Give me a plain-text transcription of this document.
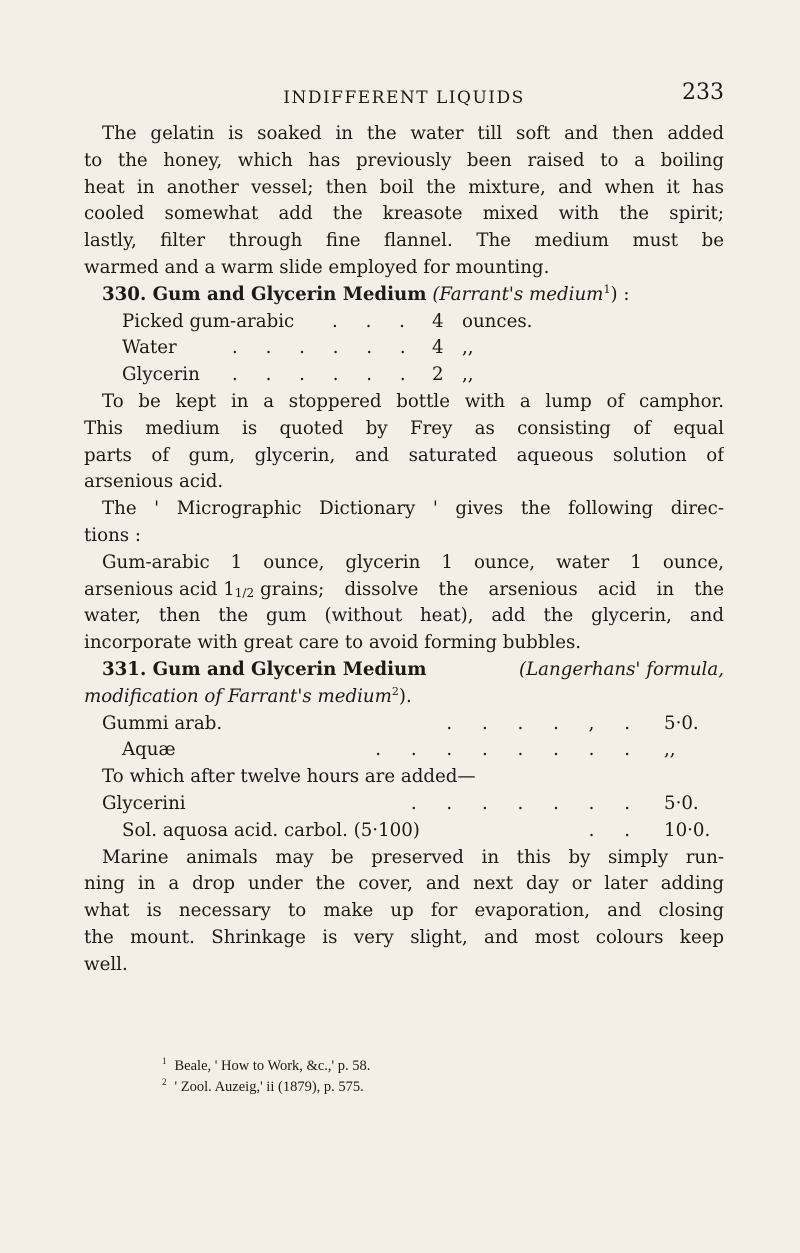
INDIFFERENT LIQUIDS	233
The gelatin is soaked in the water till soft and then added
to the honey, which has previously been raised to a boiling
heat in another vessel; then boil the mixture, and when it has
cooled somewhat add the kreasote mixed with the spirit;
lastly, filter through fine flannel. The medium must be
warmed and a warm slide employed for mounting.
330. Gum and Glycerin Medium (Farrant's medium$^1$) :
Picked gum-arabic	. . . 4	ounces.
Water	. . . . . . 4	,,
Glycerin	. . . . . . 2	,,
To be kept in a stoppered bottle with a lump of camphor.
This medium is quoted by Frey as consisting of equal
parts of gum, glycerin, and saturated aqueous solution of
arsenious acid.
The ' Micrographic Dictionary ' gives the following direc-
tions :
Gum-arabic 1 ounce, glycerin 1 ounce, water 1 ounce,
arsenious acid 11/2 grains; dissolve the arsenious acid in the
water, then the gum (without heat), add the glycerin, and
incorporate with great care to avoid forming bubbles.
331. Gum and Glycerin Medium	(Langerhans' formula,
modification of Farrant's medium$^2$).
Gummi arab.	. . . . , .	5·0.
Aquæ	. . . . . . . .	,,
To which after twelve hours are added—
Glycerini	. . . . . . .	5·0.
Sol. aquosa acid. carbol. (5·100)	. .	10·0.
Marine animals may be preserved in this by simply run-
ning in a drop under the cover, and next day or later adding
what is necessary to make up for evaporation, and closing
the mount. Shrinkage is very slight, and most colours keep
well.
$^1$ Beale, ' How to Work, &c.,' p. 58.
$^2$ ' Zool. Auzeig,' ii (1879), p. 575.
